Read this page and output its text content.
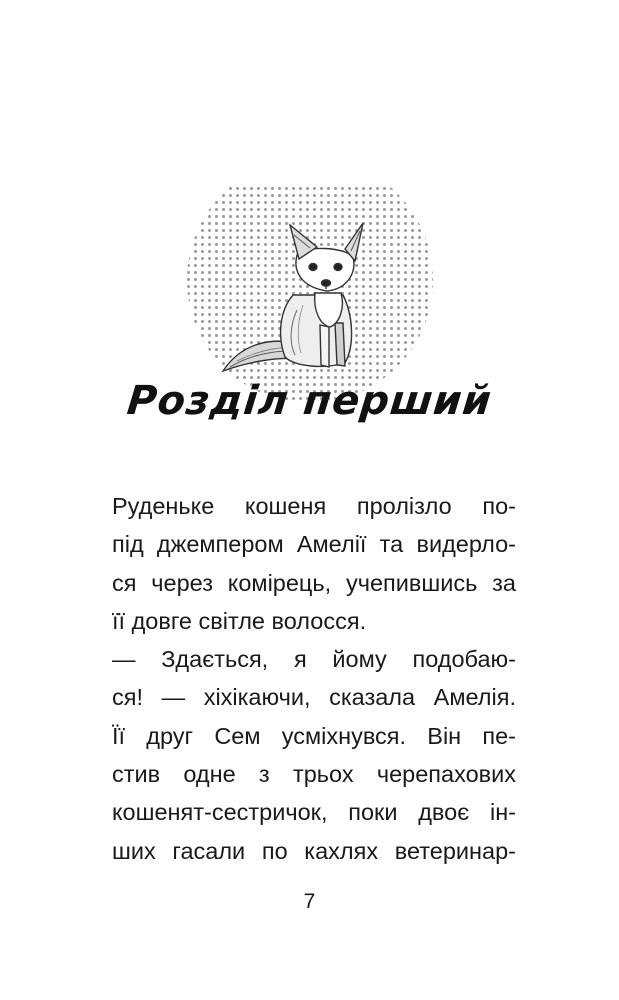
Розділ перший
Руденьке кошеня пролізло по-
під джемпером Амелії та видерло-
ся через комірець, учепившись за
її довге світле волосся.
— Здається, я йому подобаю-
ся! — хіхікаючи, сказала Амелія.
Її друг Сем усміхнувся. Він пе-
стив одне з трьох черепахових
кошенят-сестричок, поки двоє ін-
ших гасали по кахлях ветеринар-
7
